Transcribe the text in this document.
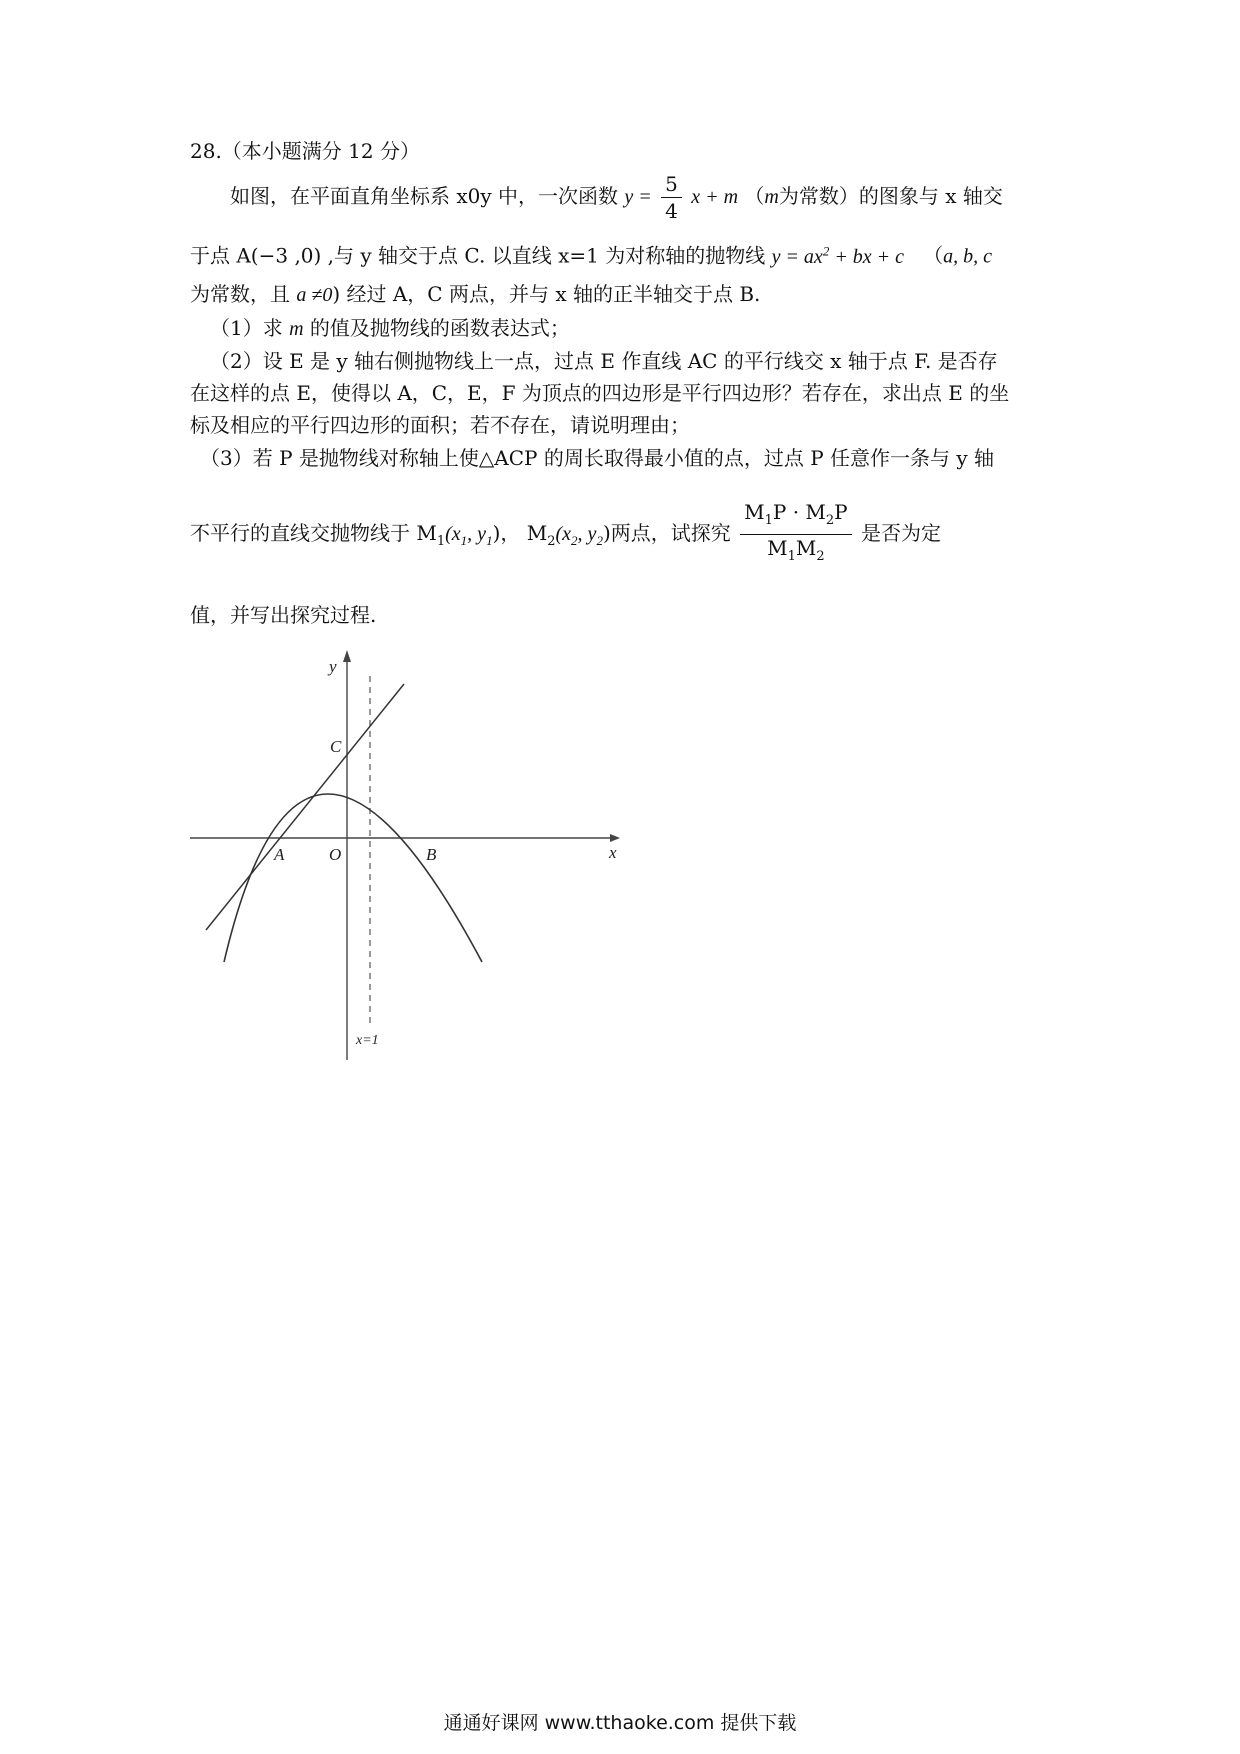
28.（本小题满分 12 分）
如图，在平面直角坐标系 x0y 中，一次函数 $y = \frac{5}{4}$ x + m （m为常数）的图象与 x 轴交
于点 A(−3 ,0) ,与 y 轴交于点 C. 以直线 x=1 为对称轴的抛物线 $y = ax^2$ + bx + c （a, b, c
为常数，且 a ≠0) 经过 A，C 两点，并与 x 轴的正半轴交于点 B.
（1）求 m 的值及抛物线的函数表达式；
（2）设 E 是 y 轴右侧抛物线上一点，过点 E 作直线 AC 的平行线交 x 轴于点 F. 是否存
在这样的点 E，使得以 A，C，E，F 为顶点的四边形是平行四边形？若存在，求出点 E 的坐
标及相应的平行四边形的面积；若不存在，请说明理由；
（3）若 P 是抛物线对称轴上使△ACP 的周长取得最小值的点，过点 P 任意作一条与 y 轴
不平行的直线交抛物线于 $M_1(x_1$, $y_1$)， $M_2(x_2$, $y_2$)两点，试探究 $\frac{M_1P \cdot M_2P}{M_1M_2}$ 是否为定
值，并写出探究过程.
y
x
C
A	O	B
x=1
通通好课网 www.tthaoke.com 提供下载
